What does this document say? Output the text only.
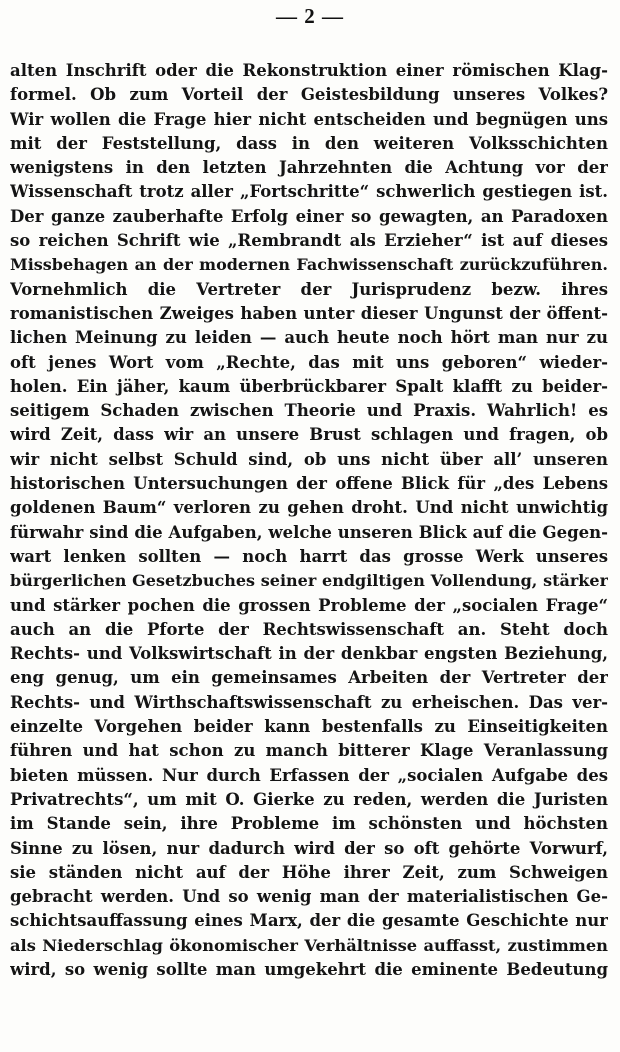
— 2 —
alten Inschrift oder die Rekonstruktion einer römischen Klag-
formel. Ob zum Vorteil der Geistesbildung unseres Volkes?
Wir wollen die Frage hier nicht entscheiden und begnügen uns
mit der Feststellung, dass in den weiteren Volksschichten
wenigstens in den letzten Jahrzehnten die Achtung vor der
Wissenschaft trotz aller „Fortschritte“ schwerlich gestiegen ist.
Der ganze zauberhafte Erfolg einer so gewagten, an Paradoxen
so reichen Schrift wie „Rembrandt als Erzieher“ ist auf dieses
Missbehagen an der modernen Fachwissenschaft zurückzuführen.
Vornehmlich die Vertreter der Jurisprudenz bezw. ihres
romanistischen Zweiges haben unter dieser Ungunst der öffent-
lichen Meinung zu leiden — auch heute noch hört man nur zu
oft jenes Wort vom „Rechte, das mit uns geboren“ wieder-
holen. Ein jäher, kaum überbrückbarer Spalt klafft zu beider-
seitigem Schaden zwischen Theorie und Praxis. Wahrlich! es
wird Zeit, dass wir an unsere Brust schlagen und fragen, ob
wir nicht selbst Schuld sind, ob uns nicht über all’ unseren
historischen Untersuchungen der offene Blick für „des Lebens
goldenen Baum“ verloren zu gehen droht. Und nicht unwichtig
fürwahr sind die Aufgaben, welche unseren Blick auf die Gegen-
wart lenken sollten — noch harrt das grosse Werk unseres
bürgerlichen Gesetzbuches seiner endgiltigen Vollendung, stärker
und stärker pochen die grossen Probleme der „socialen Frage“
auch an die Pforte der Rechtswissenschaft an. Steht doch
Rechts- und Volkswirtschaft in der denkbar engsten Beziehung,
eng genug, um ein gemeinsames Arbeiten der Vertreter der
Rechts- und Wirthschaftswissenschaft zu erheischen. Das ver-
einzelte Vorgehen beider kann bestenfalls zu Einseitigkeiten
führen und hat schon zu manch bitterer Klage Veranlassung
bieten müssen. Nur durch Erfassen der „socialen Aufgabe des
Privatrechts“, um mit O. Gierke zu reden, werden die Juristen
im Stande sein, ihre Probleme im schönsten und höchsten
Sinne zu lösen, nur dadurch wird der so oft gehörte Vorwurf,
sie ständen nicht auf der Höhe ihrer Zeit, zum Schweigen
gebracht werden. Und so wenig man der materialistischen Ge-
schichtsauffassung eines Marx, der die gesamte Geschichte nur
als Niederschlag ökonomischer Verhältnisse auffasst, zustimmen
wird, so wenig sollte man umgekehrt die eminente Bedeutung
